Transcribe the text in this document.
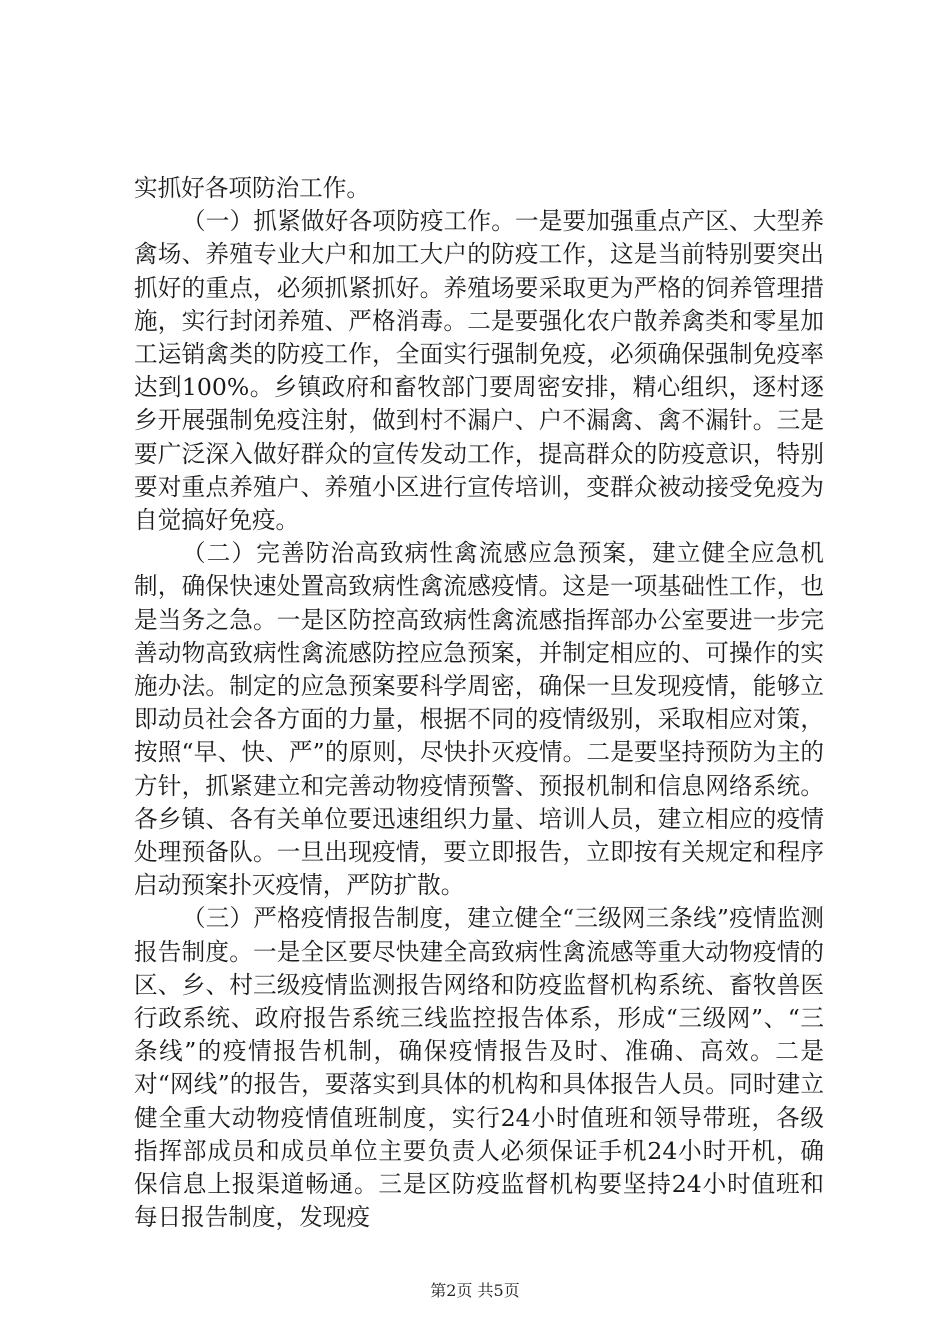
实抓好各项防治工作。

（一）抓紧做好各项防疫工作。一是要加强重点产区、大型养禽场、养殖专业大户和加工大户的防疫工作，这是当前特别要突出抓好的重点，必须抓紧抓好。养殖场要采取更为严格的饲养管理措施，实行封闭养殖、严格消毒。二是要强化农户散养禽类和零星加工运销禽类的防疫工作，全面实行强制免疫，必须确保强制免疫率达到100%。乡镇政府和畜牧部门要周密安排，精心组织，逐村逐乡开展强制免疫注射，做到村不漏户、户不漏禽、禽不漏针。三是要广泛深入做好群众的宣传发动工作，提高群众的防疫意识，特别要对重点养殖户、养殖小区进行宣传培训，变群众被动接受免疫为自觉搞好免疫。

（二）完善防治高致病性禽流感应急预案，建立健全应急机制，确保快速处置高致病性禽流感疫情。这是一项基础性工作，也是当务之急。一是区防控高致病性禽流感指挥部办公室要进一步完善动物高致病性禽流感防控应急预案，并制定相应的、可操作的实施办法。制定的应急预案要科学周密，确保一旦发现疫情，能够立即动员社会各方面的力量，根据不同的疫情级别，采取相应对策，按照“早、快、严”的原则，尽快扑灭疫情。二是要坚持预防为主的方针，抓紧建立和完善动物疫情预警、预报机制和信息网络系统。各乡镇、各有关单位要迅速组织力量、培训人员，建立相应的疫情处理预备队。一旦出现疫情，要立即报告，立即按有关规定和程序启动预案扑灭疫情，严防扩散。

（三）严格疫情报告制度，建立健全“三级网三条线”疫情监测报告制度。一是全区要尽快建全高致病性禽流感等重大动物疫情的区、乡、村三级疫情监测报告网络和防疫监督机构系统、畜牧兽医行政系统、政府报告系统三线监控报告体系，形成“三级网”、“三条线”的疫情报告机制，确保疫情报告及时、准确、高效。二是对“网线”的报告，要落实到具体的机构和具体报告人员。同时建立健全重大动物疫情值班制度，实行24小时值班和领导带班，各级指挥部成员和成员单位主要负责人必须保证手机24小时开机，确保信息上报渠道畅通。三是区防疫监督机构要坚持24小时值班和每日报告制度，发现疫

第2页 共5页
